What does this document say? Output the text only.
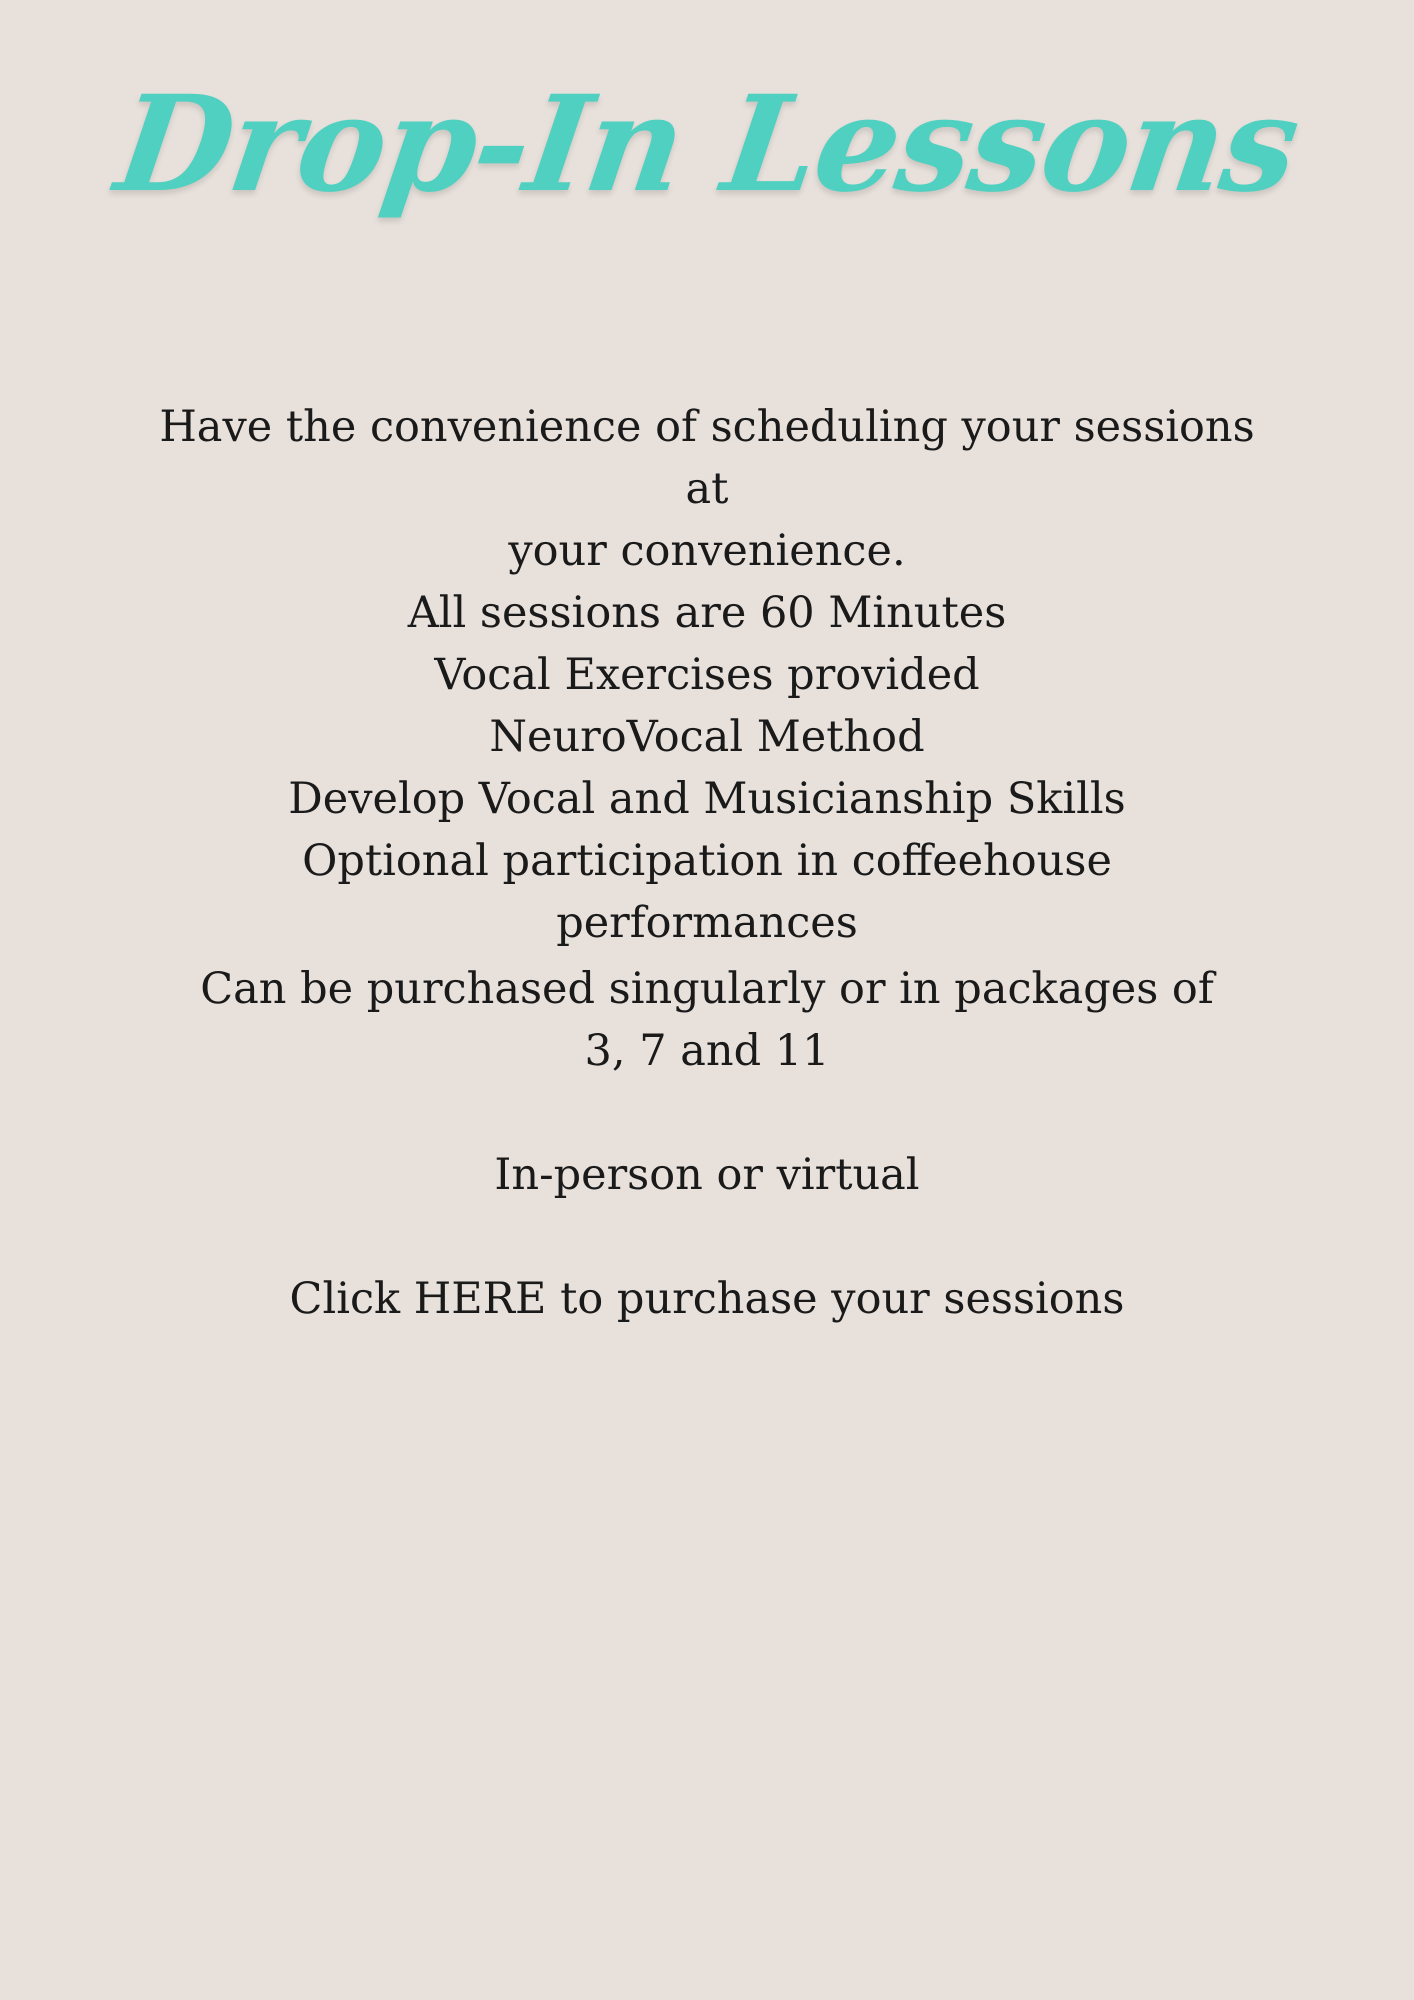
Drop-In Lessons

Have the convenience of scheduling your sessions at
your convenience.

All sessions are 60 Minutes
Vocal Exercises provided
NeuroVocal Method
Develop Vocal and Musicianship Skills
Optional participation in coffeehouse performances

Can be purchased singularly or in packages of
3, 7 and 11

In-person or virtual

Click HERE to purchase your sessions
